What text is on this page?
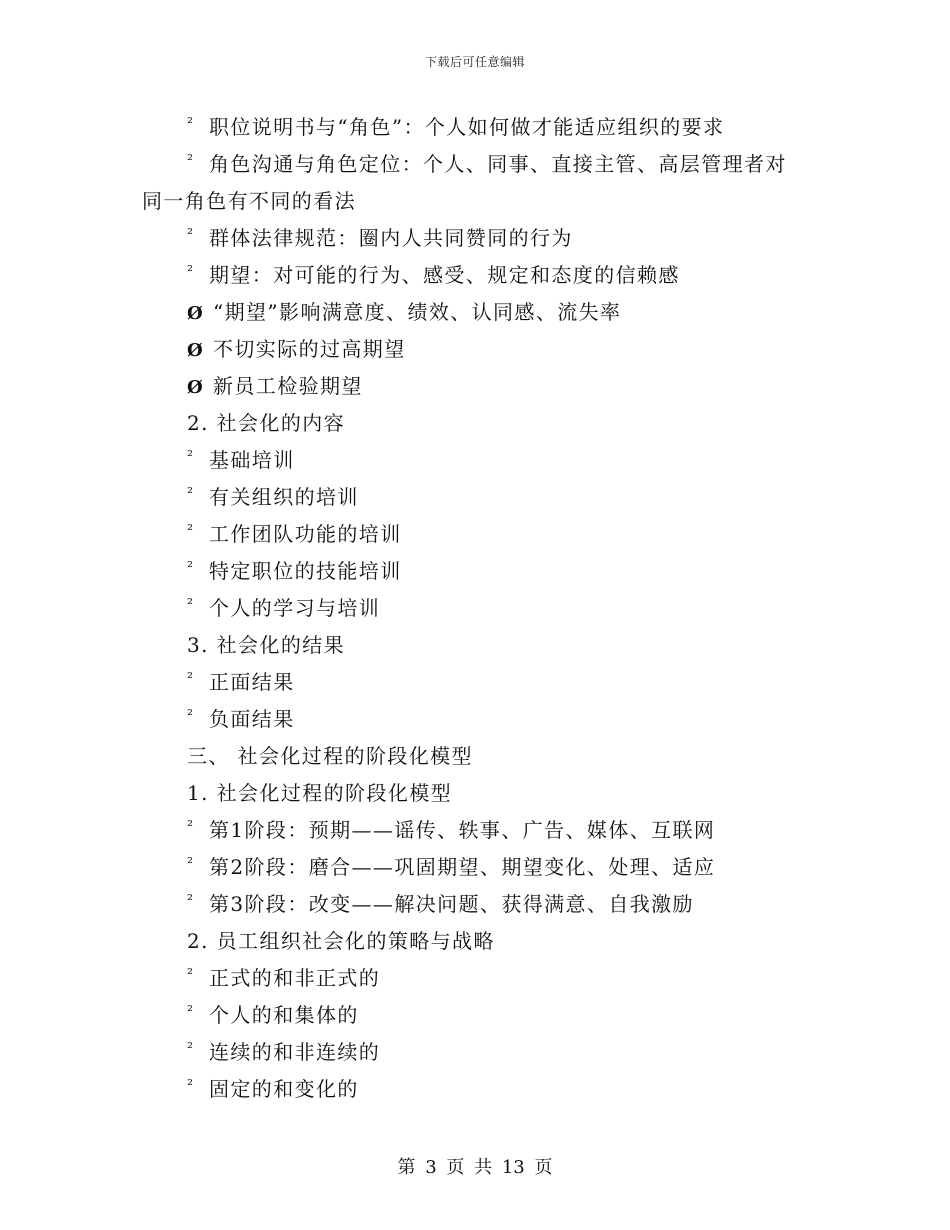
下载后可任意编辑
² 职位说明书与“角色”：个人如何做才能适应组织的要求
² 角色沟通与角色定位：个人、同事、直接主管、高层管理者对
同一角色有不同的看法
² 群体法律规范：圈内人共同赞同的行为
² 期望：对可能的行为、感受、规定和态度的信赖感
Ø “期望”影响满意度、绩效、认同感、流失率
Ø 不切实际的过高期望
Ø 新员工检验期望
2. 社会化的内容
² 基础培训
² 有关组织的培训
² 工作团队功能的培训
² 特定职位的技能培训
² 个人的学习与培训
3. 社会化的结果
² 正面结果
² 负面结果
三、 社会化过程的阶段化模型
1. 社会化过程的阶段化模型
² 第1阶段：预期——谣传、轶事、广告、媒体、互联网
² 第2阶段：磨合——巩固期望、期望变化、处理、适应
² 第3阶段：改变——解决问题、获得满意、自我激励
2. 员工组织社会化的策略与战略
² 正式的和非正式的
² 个人的和集体的
² 连续的和非连续的
² 固定的和变化的
第 3 页 共 13 页
